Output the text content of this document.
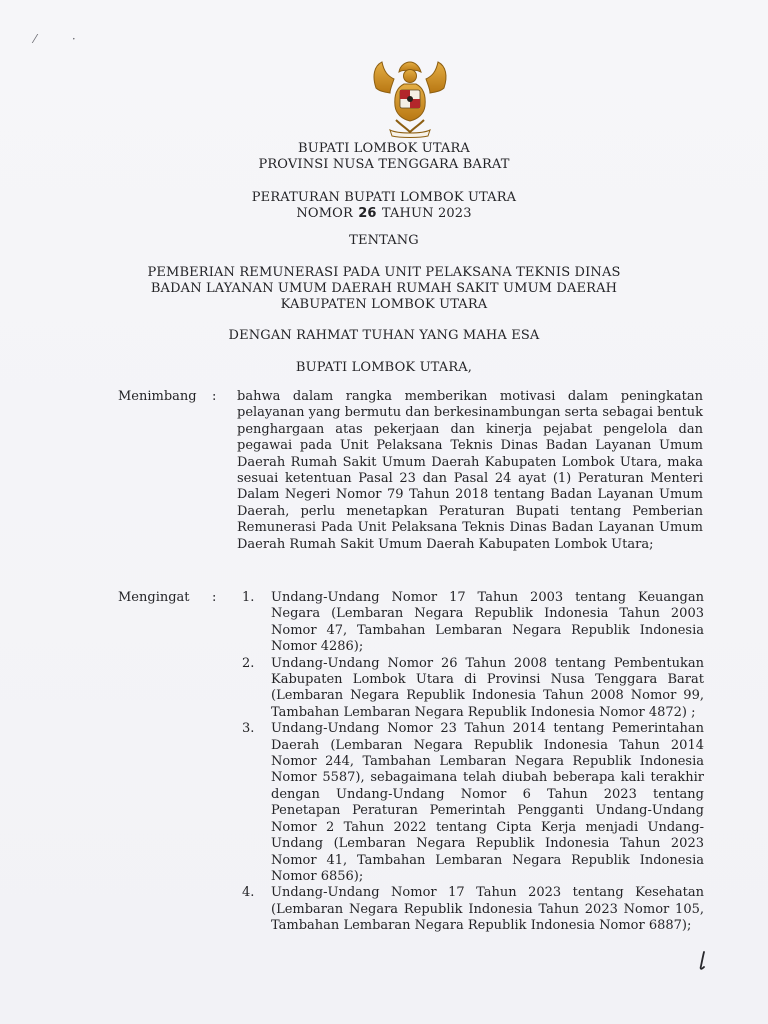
⁄ ·
BUPATI LOMBOK UTARA
PROVINSI NUSA TENGGARA BARAT
PERATURAN BUPATI LOMBOK UTARA
NOMOR 26 TAHUN 2023
TENTANG
PEMBERIAN REMUNERASI PADA UNIT PELAKSANA TEKNIS DINAS
BADAN LAYANAN UMUM DAERAH RUMAH SAKIT UMUM DAERAH
KABUPATEN LOMBOK UTARA
DENGAN RAHMAT TUHAN YANG MAHA ESA
BUPATI LOMBOK UTARA,
Menimbang	: bahwa dalam rangka memberikan motivasi dalam peningkatan pelayanan yang bermutu dan berkesinambungan serta sebagai bentuk penghargaan atas pekerjaan dan kinerja pejabat pengelola dan pegawai pada Unit Pelaksana Teknis Dinas Badan Layanan Umum Daerah Rumah Sakit Umum Daerah Kabupaten Lombok Utara, maka sesuai ketentuan Pasal 23 dan Pasal 24 ayat (1) Peraturan Menteri Dalam Negeri Nomor 79 Tahun 2018 tentang Badan Layanan Umum Daerah, perlu menetapkan Peraturan Bupati tentang Pemberian Remunerasi Pada Unit Pelaksana Teknis Dinas Badan Layanan Umum Daerah Rumah Sakit Umum Daerah Kabupaten Lombok Utara;
Mengingat	: 1. Undang-Undang Nomor 17 Tahun 2003 tentang Keuangan Negara (Lembaran Negara Republik Indonesia Tahun 2003 Nomor 47, Tambahan Lembaran Negara Republik Indonesia Nomor 4286);
2. Undang-Undang Nomor 26 Tahun 2008 tentang Pembentukan Kabupaten Lombok Utara di Provinsi Nusa Tenggara Barat (Lembaran Negara Republik Indonesia Tahun 2008 Nomor 99, Tambahan Lembaran Negara Republik Indonesia Nomor 4872) ;
3. Undang-Undang Nomor 23 Tahun 2014 tentang Pemerintahan Daerah (Lembaran Negara Republik Indonesia Tahun 2014 Nomor 244, Tambahan Lembaran Negara Republik Indonesia Nomor 5587), sebagaimana telah diubah beberapa kali terakhir dengan Undang-Undang Nomor 6 Tahun 2023 tentang Penetapan Peraturan Pemerintah Pengganti Undang-Undang Nomor 2 Tahun 2022 tentang Cipta Kerja menjadi Undang-Undang (Lembaran Negara Republik Indonesia Tahun 2023 Nomor 41, Tambahan Lembaran Negara Republik Indonesia Nomor 6856);
4. Undang-Undang Nomor 17 Tahun 2023 tentang Kesehatan (Lembaran Negara Republik Indonesia Tahun 2023 Nomor 105, Tambahan Lembaran Negara Republik Indonesia Nomor 6887);
